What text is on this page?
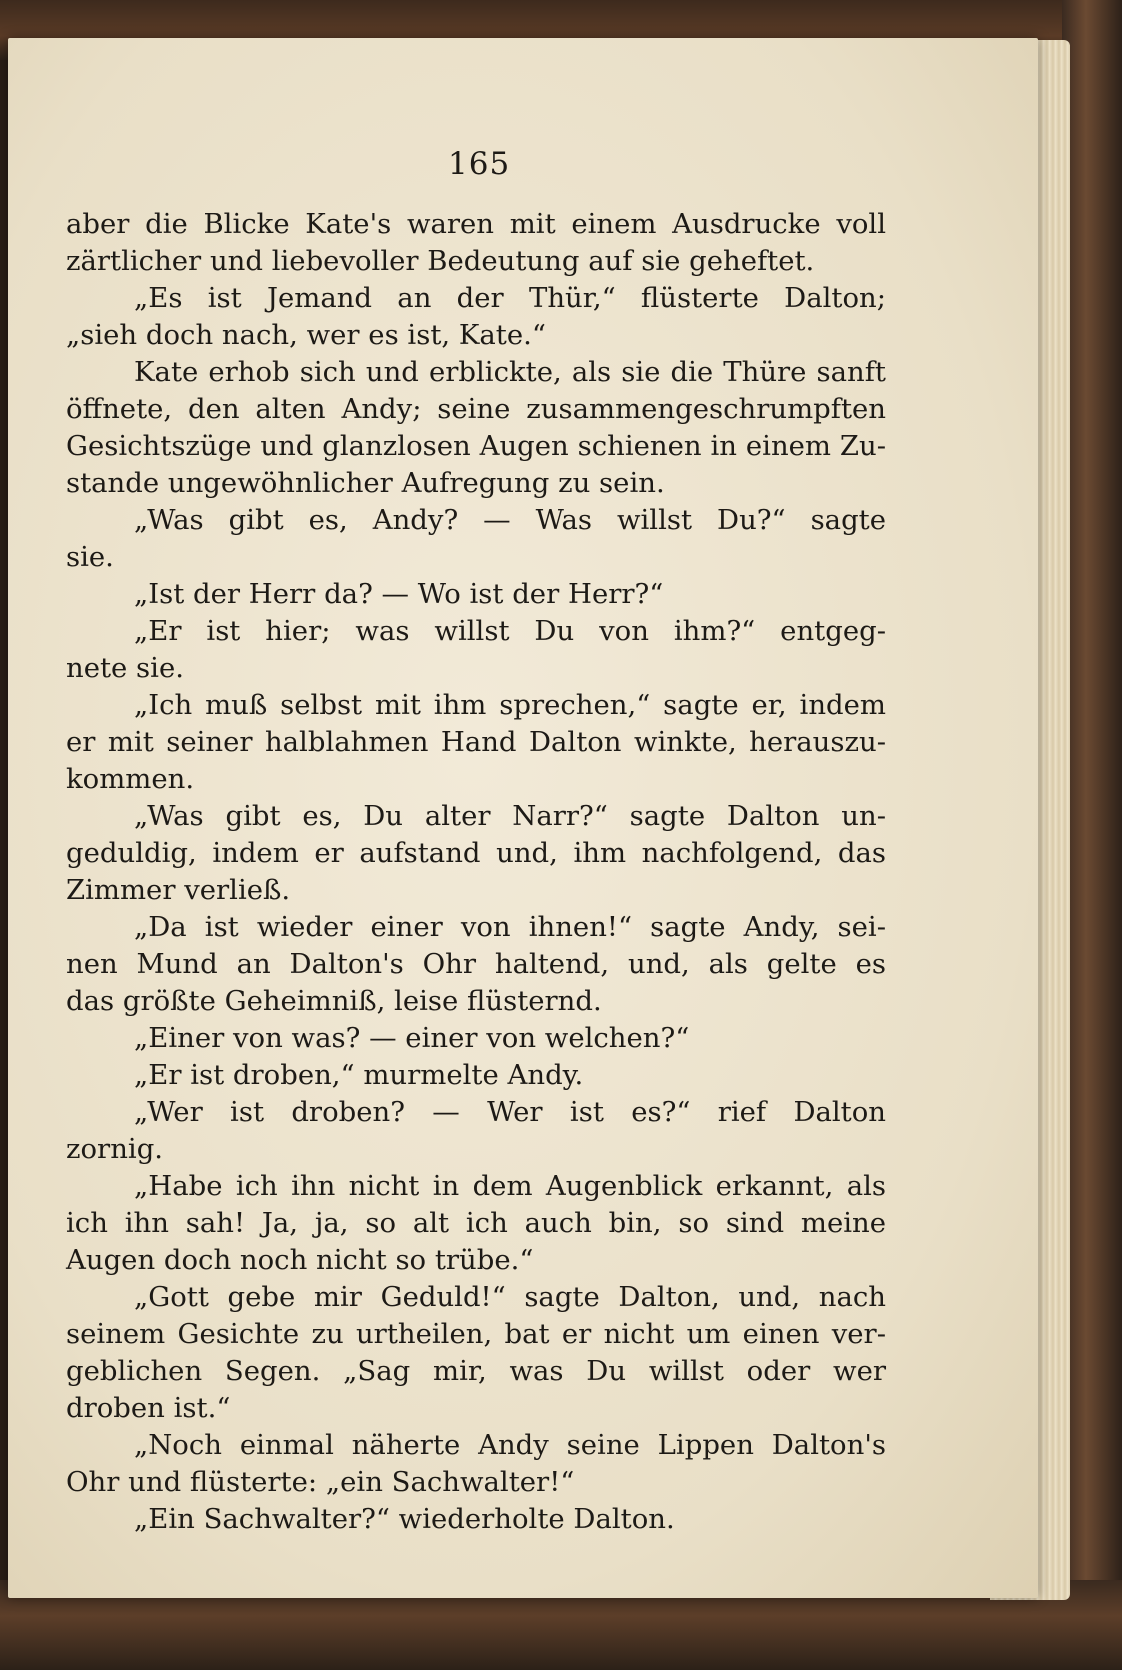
165
aber die Blicke Kate's waren mit einem Ausdrucke voll
zärtlicher und liebevoller Bedeutung auf sie geheftet.
„Es ist Jemand an der Thür,“ flüsterte Dalton;
„sieh doch nach, wer es ist, Kate.“
Kate erhob sich und erblickte, als sie die Thüre sanft
öffnete, den alten Andy; seine zusammengeschrumpften
Gesichtszüge und glanzlosen Augen schienen in einem Zu-
stande ungewöhnlicher Aufregung zu sein.
„Was gibt es, Andy? — Was willst Du?“ sagte
sie.
„Ist der Herr da? — Wo ist der Herr?“
„Er ist hier; was willst Du von ihm?“ entgeg-
nete sie.
„Ich muß selbst mit ihm sprechen,“ sagte er, indem
er mit seiner halblahmen Hand Dalton winkte, herauszu-
kommen.
„Was gibt es, Du alter Narr?“ sagte Dalton un-
geduldig, indem er aufstand und, ihm nachfolgend, das
Zimmer verließ.
„Da ist wieder einer von ihnen!“ sagte Andy, sei-
nen Mund an Dalton's Ohr haltend, und, als gelte es
das größte Geheimniß, leise flüsternd.
„Einer von was? — einer von welchen?“
„Er ist droben,“ murmelte Andy.
„Wer ist droben? — Wer ist es?“ rief Dalton
zornig.
„Habe ich ihn nicht in dem Augenblick erkannt, als
ich ihn sah! Ja, ja, so alt ich auch bin, so sind meine
Augen doch noch nicht so trübe.“
„Gott gebe mir Geduld!“ sagte Dalton, und, nach
seinem Gesichte zu urtheilen, bat er nicht um einen ver-
geblichen Segen. „Sag mir, was Du willst oder wer
droben ist.“
„Noch einmal näherte Andy seine Lippen Dalton's
Ohr und flüsterte: „ein Sachwalter!“
„Ein Sachwalter?“ wiederholte Dalton.
